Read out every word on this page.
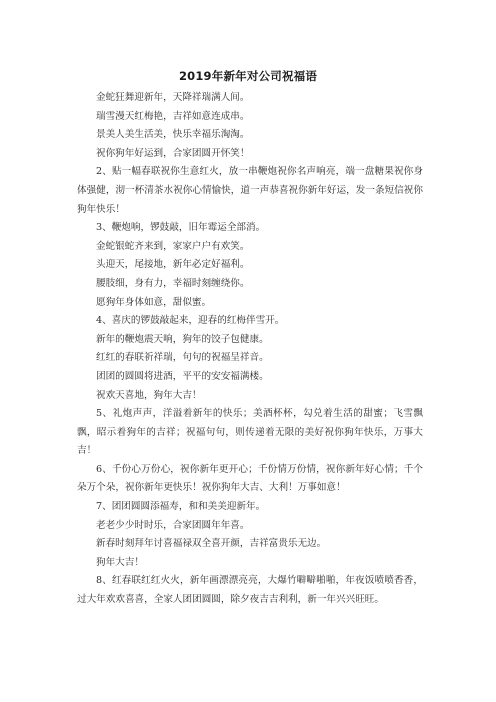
2019年新年对公司祝福语

金蛇狂舞迎新年，天降祥瑞满人间。

瑞雪漫天红梅艳，吉祥如意连成串。

景美人美生活美，快乐幸福乐淘淘。

祝你狗年好运到，合家团圆开怀笑！

2、贴一幅春联祝你生意红火，放一串鞭炮祝你名声响亮，端一盘糖果祝你身体强健，沏一杯清茶水祝你心情愉快，道一声恭喜祝你新年好运，发一条短信祝你狗年快乐！

3、鞭炮响，锣鼓敲，旧年霉运全部消。

金蛇银蛇齐来到，家家户户有欢笑。

头迎天，尾接地，新年必定好福利。

腰肢细，身有力，幸福时刻缠绕你。

愿狗年身体如意，甜似蜜。

4、喜庆的锣鼓敲起来，迎春的红梅伴雪开。

新年的鞭炮震天响，狗年的饺子包健康。

红红的春联祈祥瑞，句句的祝福呈祥音。

团团的圆圆将进酒，平平的安安福满楼。

祝欢天喜地，狗年大吉！

5、礼炮声声，洋溢着新年的快乐；美酒杯杯，勾兑着生活的甜蜜；飞雪飘飘，昭示着狗年的吉祥；祝福句句，则传递着无限的美好祝你狗年快乐，万事大吉！

6、千份心万份心，祝你新年更开心；千份情万份情，祝你新年好心情；千个朵万个朵，祝你新年更快乐！祝你狗年大吉、大利！万事如意！

7、团团圆圆添福寿，和和美美迎新年。

老老少少时时乐，合家团圆年年喜。

新春时刻拜年讨喜福禄双全喜开颜，吉祥富贵乐无边。

狗年大吉！

8、红春联红红火火，新年画漂漂亮亮，大爆竹噼噼啪啪，年夜饭喷喷香香，过大年欢欢喜喜，全家人团团圆圆，除夕夜吉吉利利，新一年兴兴旺旺。
